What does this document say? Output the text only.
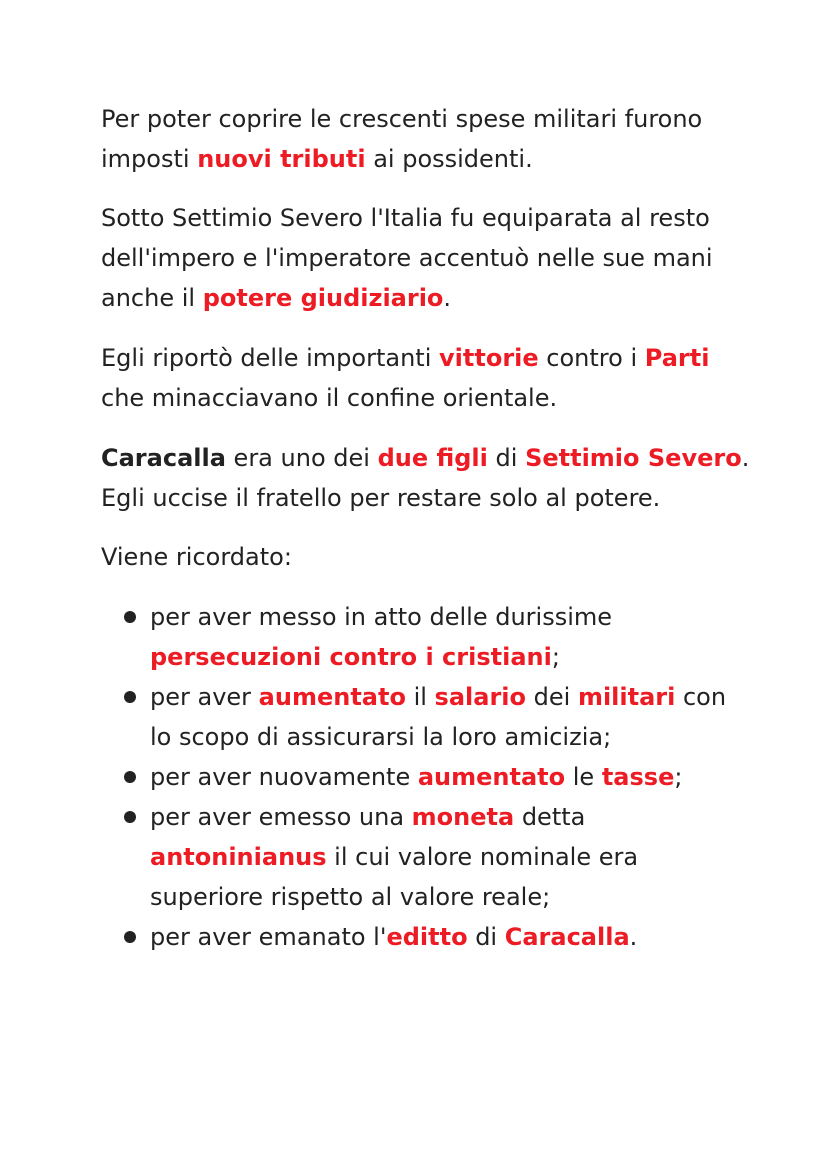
Per poter coprire le crescenti spese militari furono imposti nuovi tributi ai possidenti.

Sotto Settimio Severo l'Italia fu equiparata al resto dell'impero e l'imperatore accentuò nelle sue mani anche il potere giudiziario.

Egli riportò delle importanti vittorie contro i Parti che minacciavano il confine orientale.

Caracalla era uno dei due figli di Settimio Severo. Egli uccise il fratello per restare solo al potere.

Viene ricordato:

per aver messo in atto delle durissime persecuzioni contro i cristiani;
per aver aumentato il salario dei militari con lo scopo di assicurarsi la loro amicizia;
per aver nuovamente aumentato le tasse;
per aver emesso una moneta detta antoninianus il cui valore nominale era superiore rispetto al valore reale;
per aver emanato l'editto di Caracalla.
